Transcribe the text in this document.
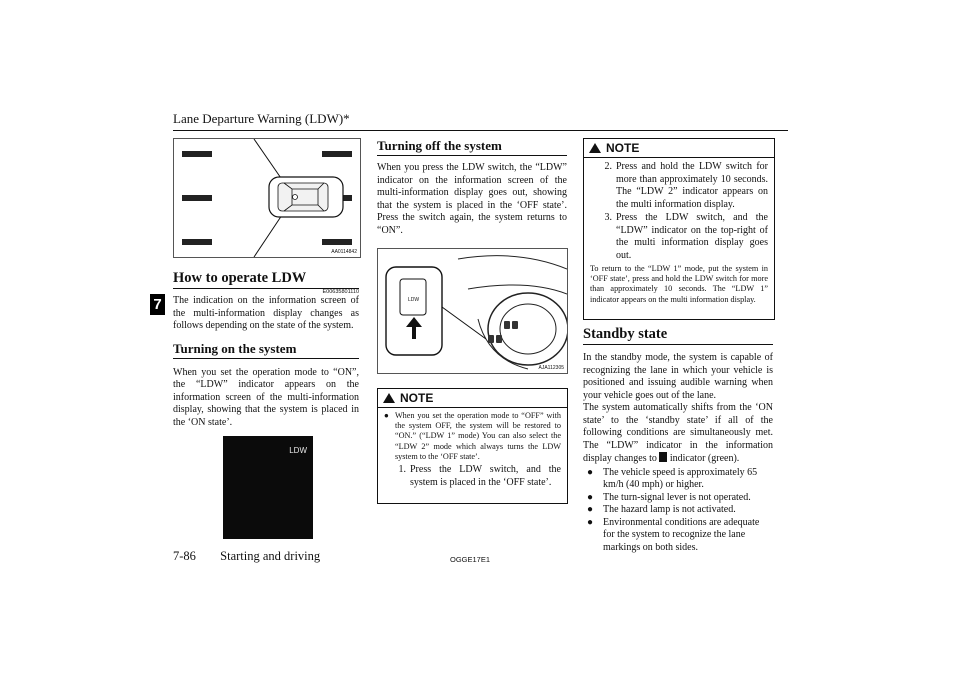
Lane Departure Warning (LDW)*
7
AA0114842
How to operate LDW
E00635801110
The indication on the information screen of the multi-information display changes as follows depending on the state of the system.
Turning on the system
When you set the operation mode to “ON”, the “LDW” indicator appears on the information screen of the multi-information display, showing that the system is placed in the ‘ON state’.
LDW
Turning off the system
When you press the LDW switch, the “LDW” indicator on the information screen of the multi-information display goes out, showing that the system is placed in the ‘OFF state’. Press the switch again, the system returns to “ON”.
LDW
AJA112305
NOTE
● When you set the operation mode to “OFF” with the system OFF, the system will be restored to “ON.” (“LDW 1” mode) You can also select the “LDW 2” mode which always turns the LDW system to the ‘OFF state’.
1. Press the LDW switch, and the system is placed in the ‘OFF state’.
NOTE
2. Press and hold the LDW switch for more than approximately 10 seconds. The “LDW 2” indicator appears on the multi information display.
3. Press the LDW switch, and the “LDW” indicator on the top-right of the multi information display goes out.
To return to the “LDW 1” mode, put the system in ‘OFF state’, press and hold the LDW switch for more than approximately 10 seconds. The “LDW 1” indicator appears on the multi information display.
Standby state
In the standby mode, the system is capable of recognizing the lane in which your vehicle is positioned and issuing audible warning when your vehicle goes out of the lane.
The system automatically shifts from the ‘ON state’ to the ‘standby state’ if all of the following conditions are simultaneously met. The “LDW” indicator in the information display changes to indicator (green).
● The vehicle speed is approximately 65 km/h (40 mph) or higher.
● The turn-signal lever is not operated.
● The hazard lamp is not activated.
● Environmental conditions are adequate for the system to recognize the lane markings on both sides.
7-86 Starting and driving	OGGE17E1
